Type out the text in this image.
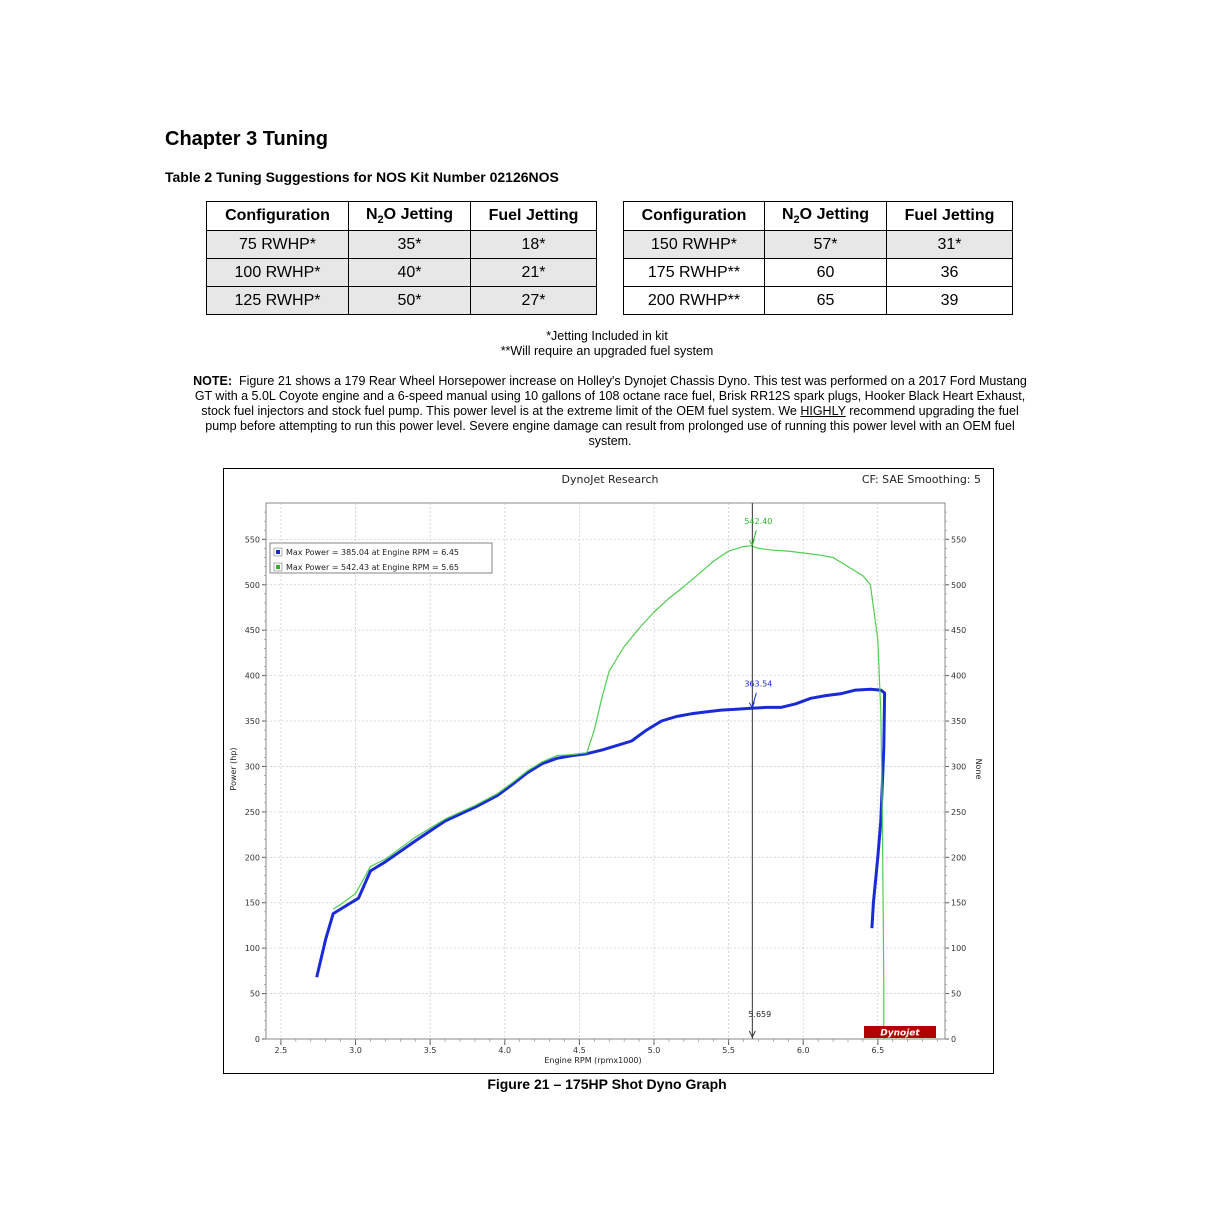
Chapter 3 Tuning
Table 2 Tuning Suggestions for NOS Kit Number 02126NOS
Configuration	$N_2O$ Jetting	Fuel Jetting
75 RWHP*	35*	18*
100 RWHP*	40*	21*
125 RWHP*	50*	27*
Configuration	$N_2O$ Jetting	Fuel Jetting
150 RWHP*	57*	31*
175 RWHP**	60	36
200 RWHP**	65	39
*Jetting Included in kit
**Will require an upgraded fuel system
NOTE: Figure 21 shows a 179 Rear Wheel Horsepower increase on Holley's Dynojet Chassis Dyno. This test was performed on a 2017 Ford Mustang
GT with a 5.0L Coyote engine and a 6-speed manual using 10 gallons of 108 octane race fuel, Brisk RR12S spark plugs, Hooker Black Heart Exhaust,
stock fuel injectors and stock fuel pump. This power level is at the extreme limit of the OEM fuel system. We HIGHLY recommend upgrading the fuel
pump before attempting to run this power level. Severe engine damage can result from prolonged use of running this power level with an OEM fuel
system.
DynoJet Research	CF: SAE Smoothing: 5
0	0
50	50
100	100
150	150
200	200
250	250
300	300
350	350
400	400
450	450
500	500
550	550
2.5	3.0	3.5	4.0	4.5	5.0	5.5	6.0	6.5
5.659
542.40
363.54
Max Power = 385.04 at Engine RPM = 6.45
Max Power = 542.43 at Engine RPM = 5.65
Engine RPM (rpmx1000)
Power (hp)	None
Dynojet
Figure 21 – 175HP Shot Dyno Graph
